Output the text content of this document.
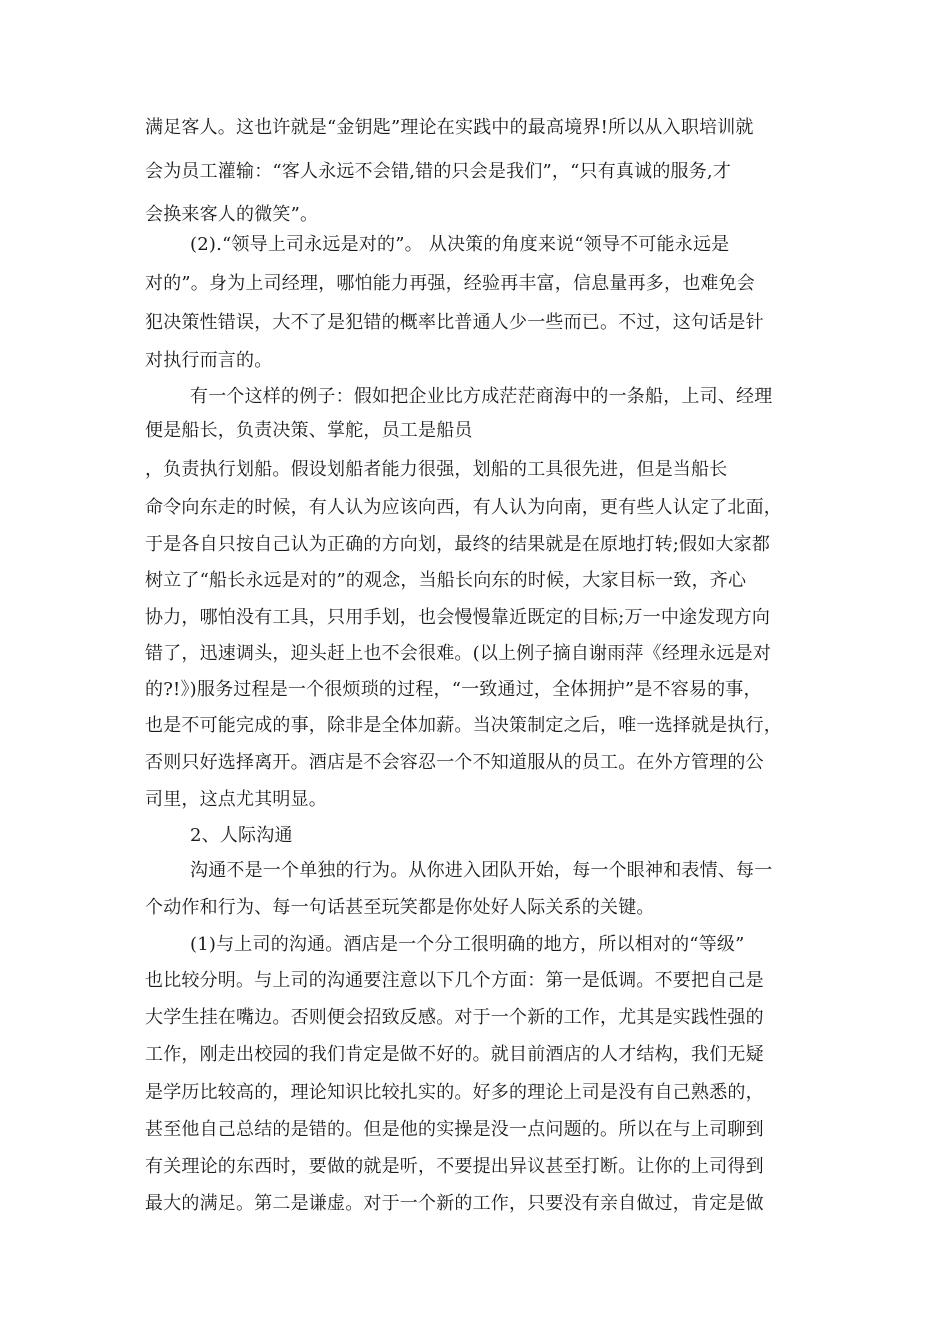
满足客人。这也许就是“金钥匙”理论在实践中的最高境界!所以从入职培训就
会为员工灌输：“客人永远不会错,错的只会是我们”，“只有真诚的服务,才
会换来客人的微笑”。
(2).“领导上司永远是对的”。 从决策的角度来说“领导不可能永远是
对的”。身为上司经理，哪怕能力再强，经验再丰富，信息量再多，也难免会
犯决策性错误，大不了是犯错的概率比普通人少一些而已。不过，这句话是针
对执行而言的。
有一个这样的例子：假如把企业比方成茫茫商海中的一条船，上司、经理
便是船长，负责决策、掌舵，员工是船员
，负责执行划船。假设划船者能力很强，划船的工具很先进，但是当船长
命令向东走的时候，有人认为应该向西，有人认为向南，更有些人认定了北面，
于是各自只按自己认为正确的方向划，最终的结果就是在原地打转;假如大家都
树立了“船长永远是对的”的观念，当船长向东的时候，大家目标一致，齐心
协力，哪怕没有工具，只用手划，也会慢慢靠近既定的目标;万一中途发现方向
错了，迅速调头，迎头赶上也不会很难。(以上例子摘自谢雨萍《经理永远是对
的?!》)服务过程是一个很烦琐的过程，“一致通过，全体拥护”是不容易的事，
也是不可能完成的事，除非是全体加薪。当决策制定之后，唯一选择就是执行，
否则只好选择离开。酒店是不会容忍一个不知道服从的员工。在外方管理的公
司里，这点尤其明显。
2、人际沟通
沟通不是一个单独的行为。从你进入团队开始，每一个眼神和表情、每一
个动作和行为、每一句话甚至玩笑都是你处好人际关系的关键。
(1)与上司的沟通。酒店是一个分工很明确的地方，所以相对的“等级”
也比较分明。与上司的沟通要注意以下几个方面：第一是低调。不要把自己是
大学生挂在嘴边。否则便会招致反感。对于一个新的工作，尤其是实践性强的
工作，刚走出校园的我们肯定是做不好的。就目前酒店的人才结构，我们无疑
是学历比较高的，理论知识比较扎实的。好多的理论上司是没有自己熟悉的，
甚至他自己总结的是错的。但是他的实操是没一点问题的。所以在与上司聊到
有关理论的东西时，要做的就是听，不要提出异议甚至打断。让你的上司得到
最大的满足。第二是谦虚。对于一个新的工作，只要没有亲自做过，肯定是做
